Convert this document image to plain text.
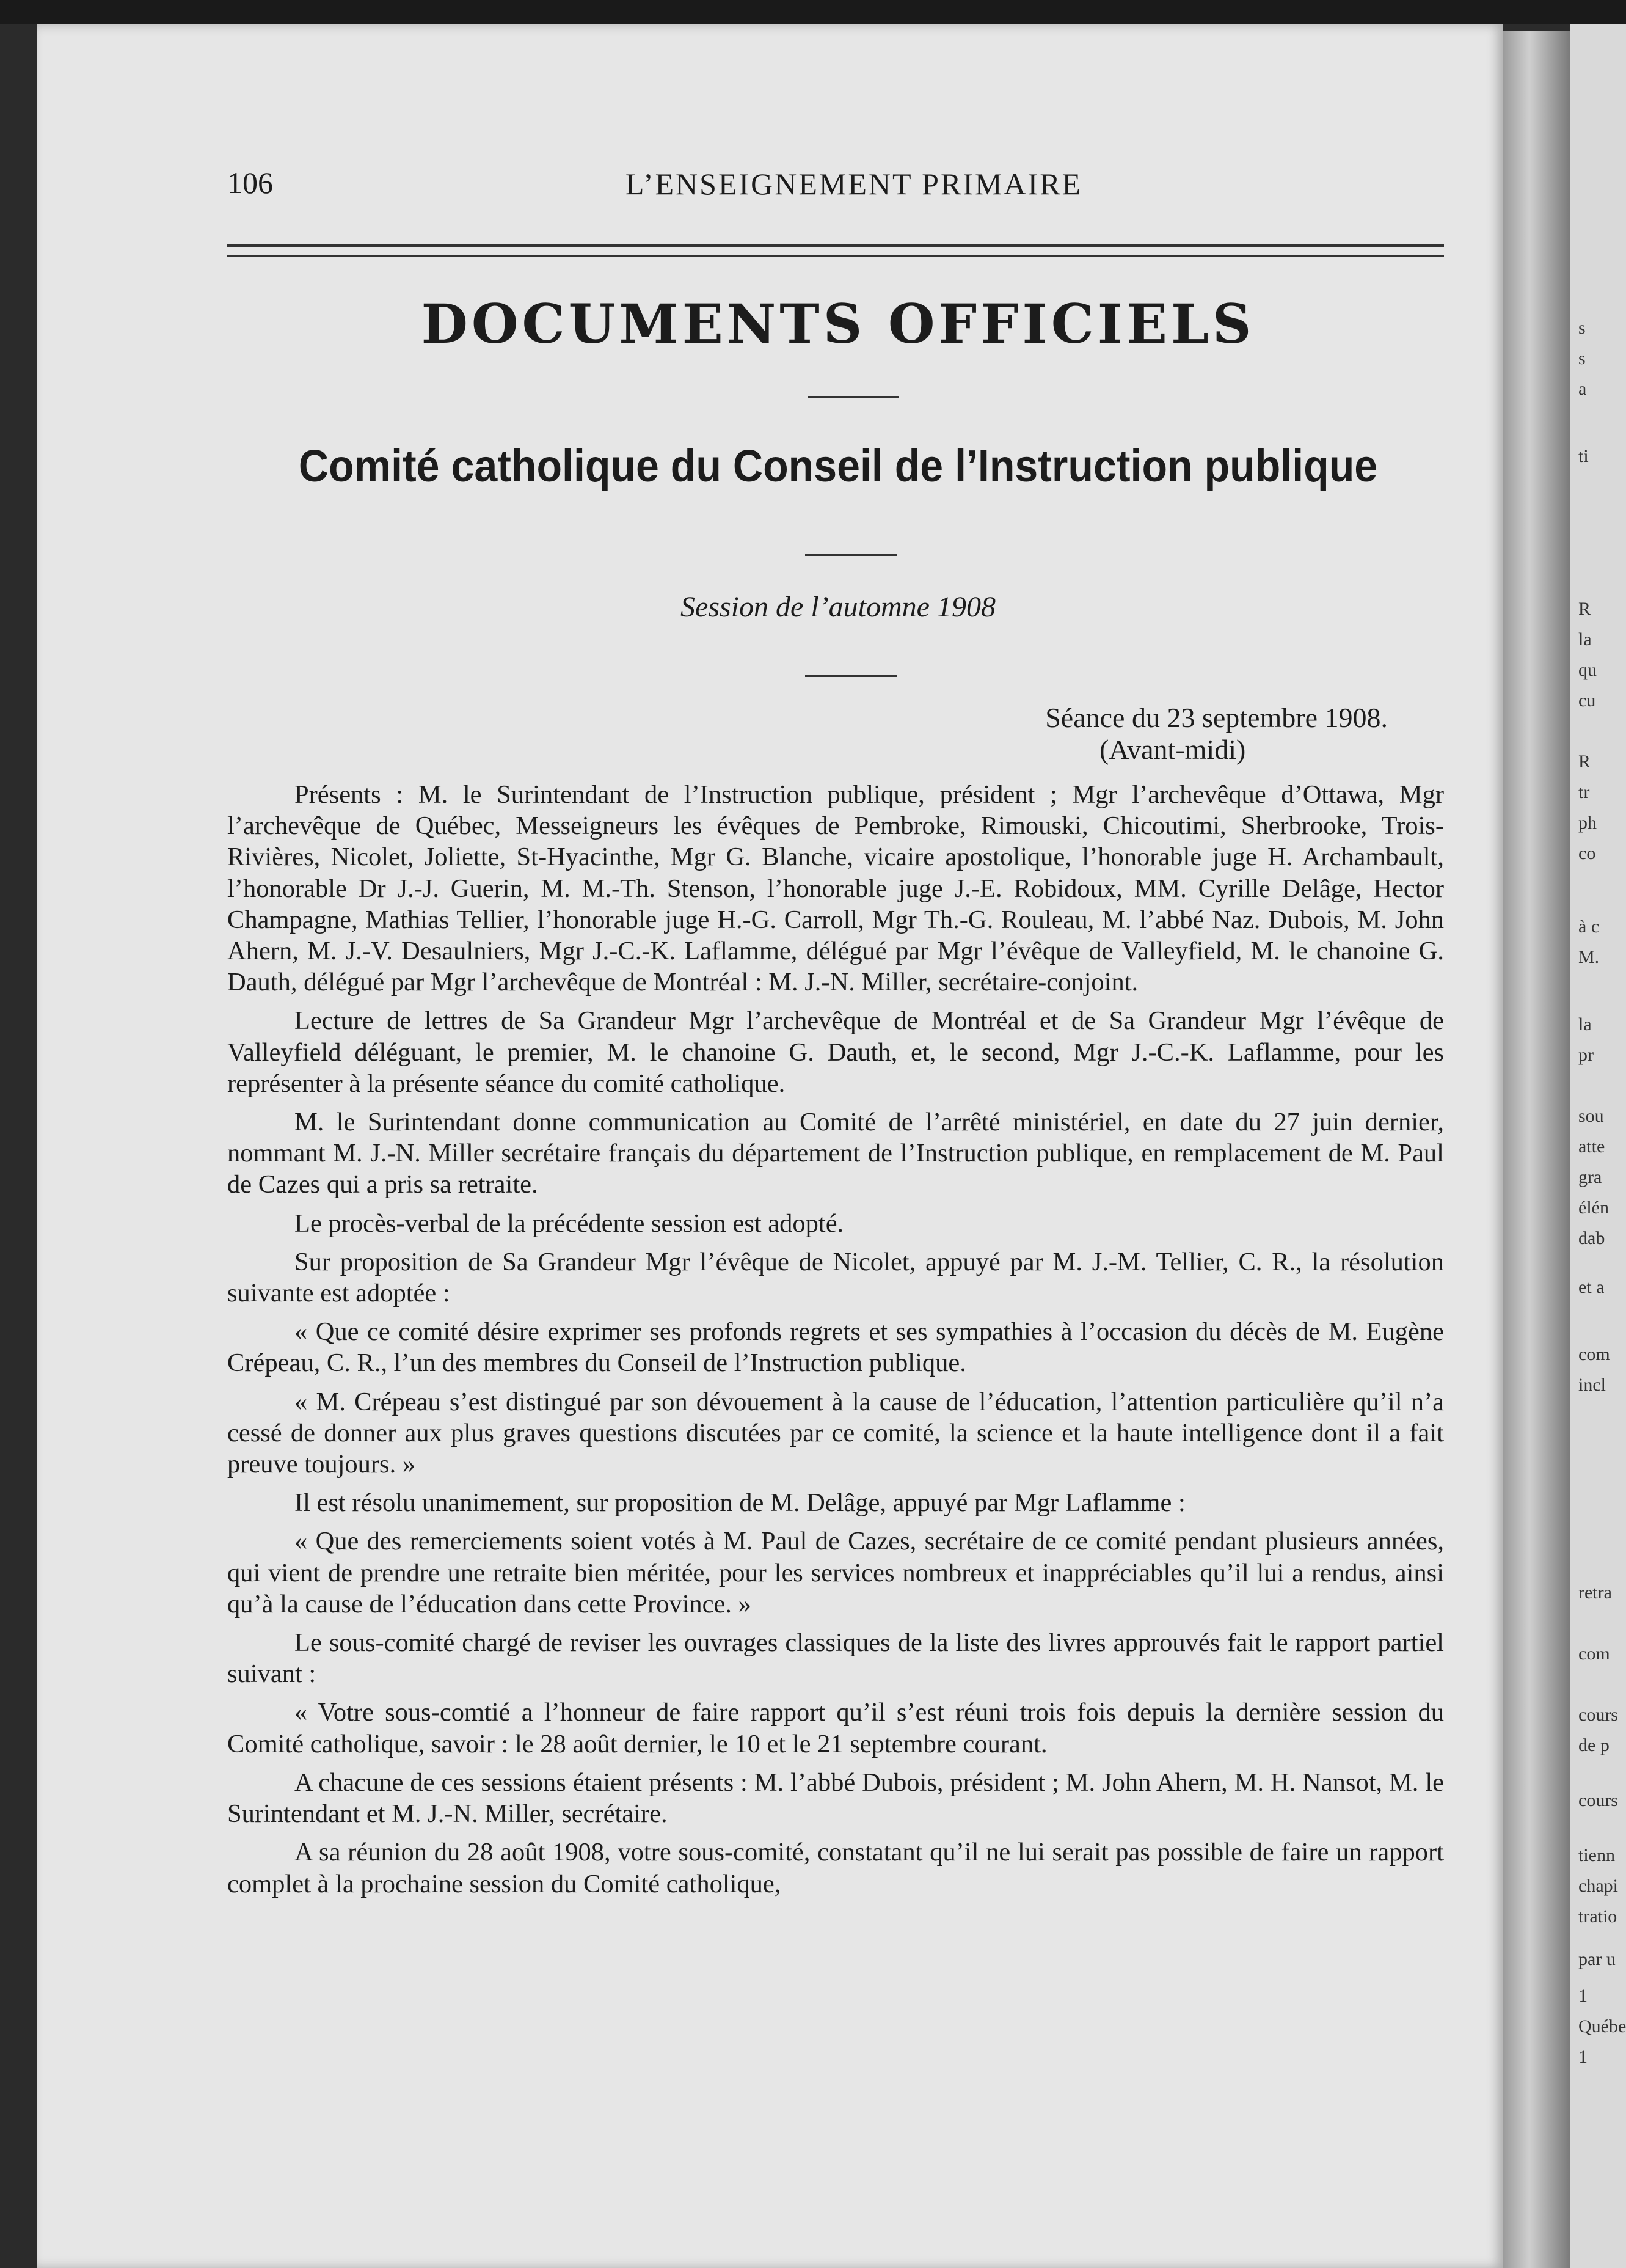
s
s
a
ti
R
la
qu
cu
R
tr
ph
co
à c
M.
la
pr
sou
atte
gra
élén
dab
et a
com
incl
retra
com
cours
de p
cours
tienn
chapi
tratio
par u
1
Québe
1
106	L’ENSEIGNEMENT PRIMAIRE
DOCUMENTS OFFICIELS
Comité catholique du Conseil de l’Instruction publique
Session de l’automne 1908
Séance du 23 septembre 1908.
(Avant-midi)

Présents : M. le Surintendant de l’Instruction publique, président ; Mgr l’archevêque d’Ottawa, Mgr l’archevêque de Québec, Messeigneurs les évêques de Pembroke, Rimouski, Chicoutimi, Sherbrooke, Trois-Rivières, Nicolet, Joliette, St-Hyacinthe, Mgr G. Blanche, vicaire apostolique, l’honorable juge H. Archambault, l’honorable Dr J.-J. Guerin, M. M.-Th. Stenson, l’honorable juge J.-E. Robidoux, MM. Cyrille Delâge, Hector Champagne, Mathias Tellier, l’honorable juge H.-G. Carroll, Mgr Th.-G. Rouleau, M. l’abbé Naz. Dubois, M. John Ahern, M. J.-V. Desaulniers, Mgr J.-C.-K. Laflamme, délégué par Mgr l’évêque de Valleyfield, M. le chanoine G. Dauth, délégué par Mgr l’archevêque de Montréal : M. J.-N. Miller, secrétaire-conjoint.

Lecture de lettres de Sa Grandeur Mgr l’archevêque de Montréal et de Sa Grandeur Mgr l’évêque de Valleyfield déléguant, le premier, M. le chanoine G. Dauth, et, le second, Mgr J.-C.-K. Laflamme, pour les représenter à la présente séance du comité catholique.

M. le Surintendant donne communication au Comité de l’arrêté ministériel, en date du 27 juin dernier, nommant M. J.-N. Miller secrétaire français du département de l’Instruction publique, en remplacement de M. Paul de Cazes qui a pris sa retraite.

Le procès-verbal de la précédente session est adopté.

Sur proposition de Sa Grandeur Mgr l’évêque de Nicolet, appuyé par M. J.-M. Tellier, C. R., la résolution suivante est adoptée :

« Que ce comité désire exprimer ses profonds regrets et ses sympathies à l’occasion du décès de M. Eugène Crépeau, C. R., l’un des membres du Conseil de l’Instruction publique.

« M. Crépeau s’est distingué par son dévouement à la cause de l’éducation, l’attention particulière qu’il n’a cessé de donner aux plus graves questions discutées par ce comité, la science et la haute intelligence dont il a fait preuve toujours. »

Il est résolu unanimement, sur proposition de M. Delâge, appuyé par Mgr Laflamme :

« Que des remerciements soient votés à M. Paul de Cazes, secrétaire de ce comité pendant plusieurs années, qui vient de prendre une retraite bien méritée, pour les services nombreux et inappréciables qu’il lui a rendus, ainsi qu’à la cause de l’éducation dans cette Province. »

Le sous-comité chargé de reviser les ouvrages classiques de la liste des livres approuvés fait le rapport partiel suivant :

« Votre sous-comtié a l’honneur de faire rapport qu’il s’est réuni trois fois depuis la dernière session du Comité catholique, savoir : le 28 août dernier, le 10 et le 21 septembre courant.

A chacune de ces sessions étaient présents : M. l’abbé Dubois, président ; M. John Ahern, M. H. Nansot, M. le Surintendant et M. J.-N. Miller, secrétaire.

A sa réunion du 28 août 1908, votre sous-comité, constatant qu’il ne lui serait pas possible de faire un rapport complet à la prochaine session du Comité catholique,
